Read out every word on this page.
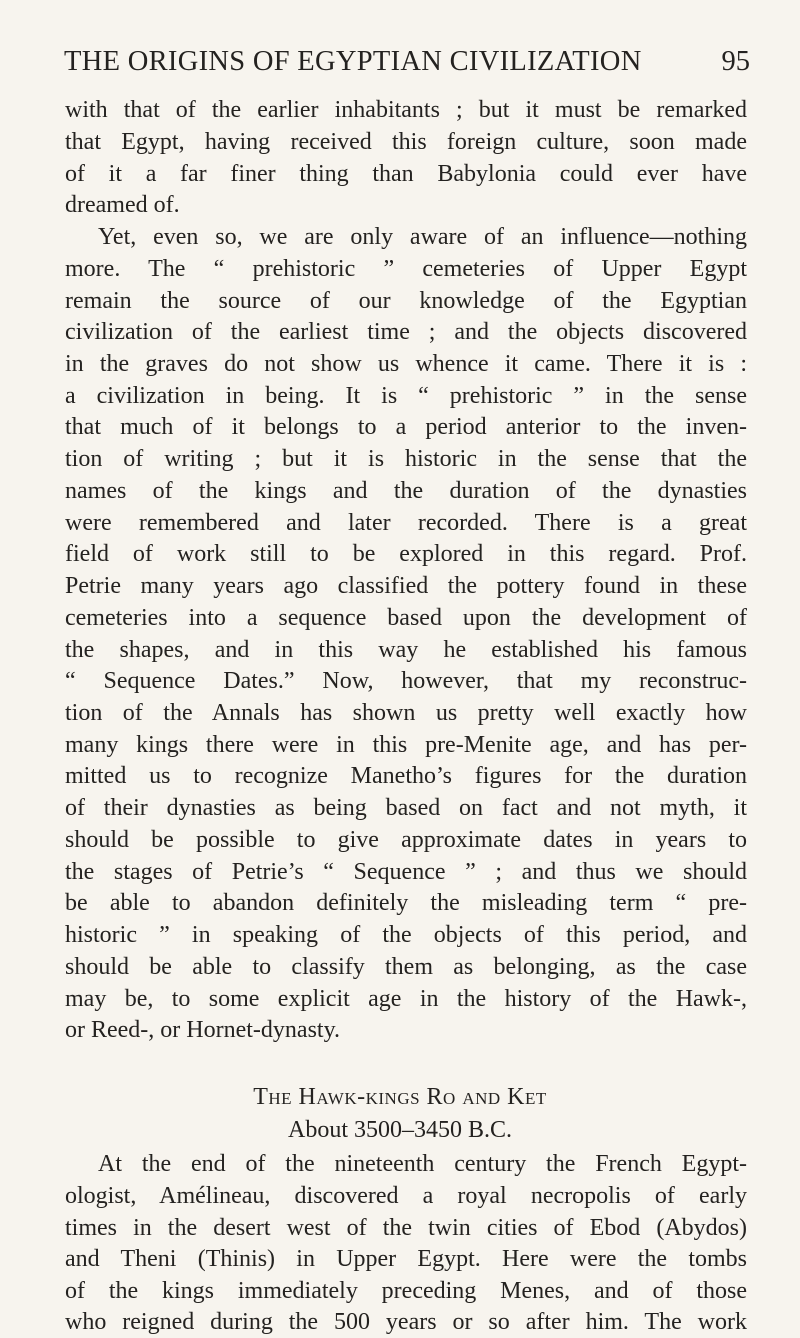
THE ORIGINS OF EGYPTIAN CIVILIZATION	95
with that of the earlier inhabitants ; but it must be remarked
that Egypt, having received this foreign culture, soon made
of it a far finer thing than Babylonia could ever have
dreamed of.
Yet, even so, we are only aware of an influence—nothing
more. The “ prehistoric ” cemeteries of Upper Egypt
remain the source of our knowledge of the Egyptian
civilization of the earliest time ; and the objects discovered
in the graves do not show us whence it came. There it is :
a civilization in being. It is “ prehistoric ” in the sense
that much of it belongs to a period anterior to the inven-
tion of writing ; but it is historic in the sense that the
names of the kings and the duration of the dynasties
were remembered and later recorded. There is a great
field of work still to be explored in this regard. Prof.
Petrie many years ago classified the pottery found in these
cemeteries into a sequence based upon the development of
the shapes, and in this way he established his famous
“ Sequence Dates.” Now, however, that my reconstruc-
tion of the Annals has shown us pretty well exactly how
many kings there were in this pre-Menite age, and has per-
mitted us to recognize Manetho’s figures for the duration
of their dynasties as being based on fact and not myth, it
should be possible to give approximate dates in years to
the stages of Petrie’s “ Sequence ” ; and thus we should
be able to abandon definitely the misleading term “ pre-
historic ” in speaking of the objects of this period, and
should be able to classify them as belonging, as the case
may be, to some explicit age in the history of the Hawk-,
or Reed-, or Hornet-dynasty.
The Hawk-kings Ro and Ket
About 3500–3450 B.C.
At the end of the nineteenth century the French Egypt-
ologist, Amélineau, discovered a royal necropolis of early
times in the desert west of the twin cities of Ebod (Abydos)
and Theni (Thinis) in Upper Egypt. Here were the tombs
of the kings immediately preceding Menes, and of those
who reigned during the 500 years or so after him. The work
